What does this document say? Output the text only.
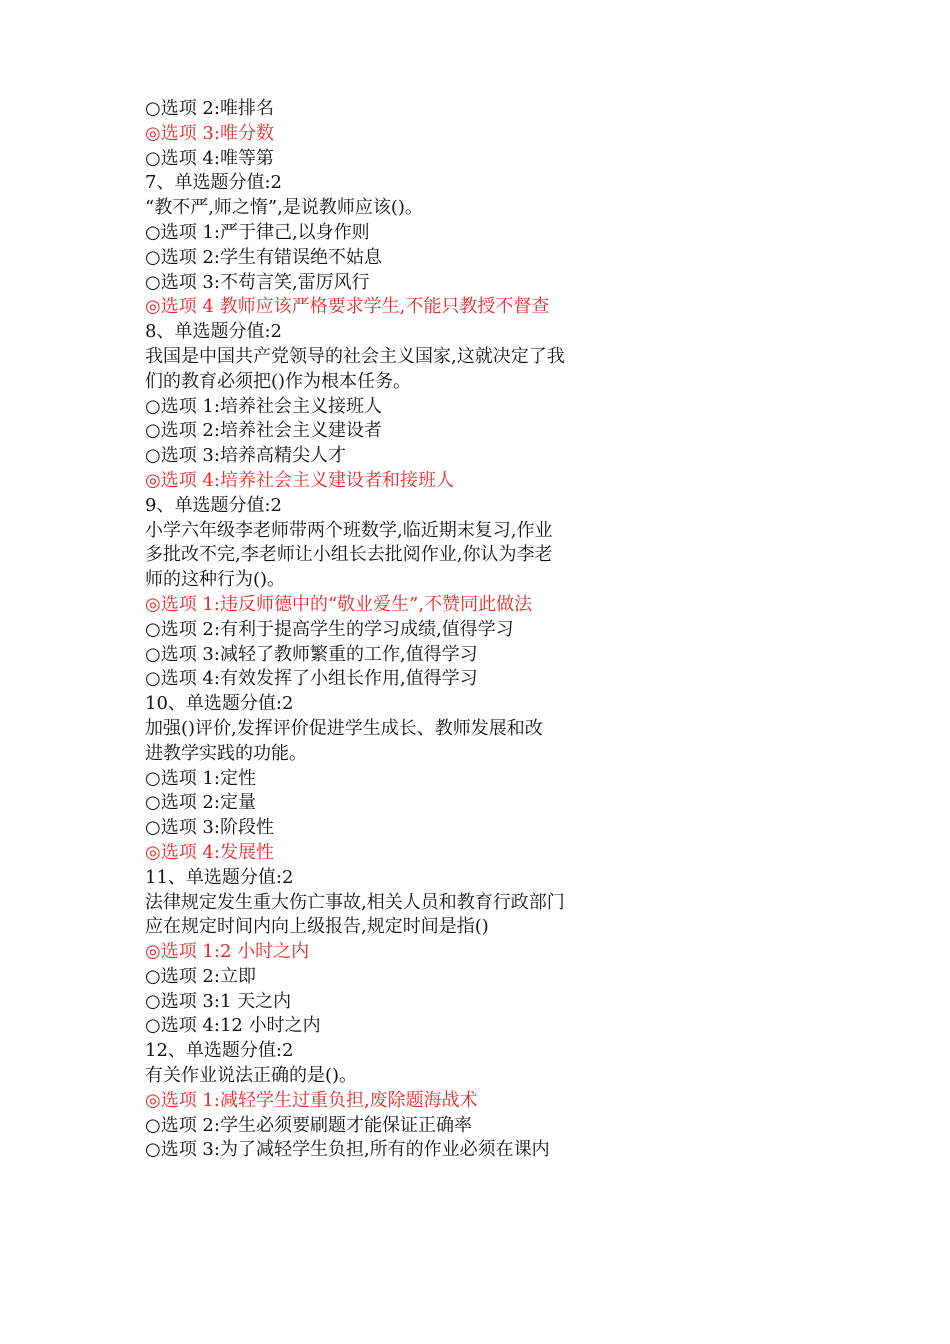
○选项 2:唯排名
◎选项 3:唯分数
○选项 4:唯等第
7、单选题分值:2
“教不严,师之惰”,是说教师应该()。
○选项 1:严于律己,以身作则
○选项 2:学生有错误绝不姑息
○选项 3:不苟言笑,雷厉风行
◎选项 4 教师应该严格要求学生,不能只教授不督查
8、单选题分值:2
我国是中国共产党领导的社会主义国家,这就决定了我
们的教育必须把()作为根本任务。
○选项 1:培养社会主义接班人
○选项 2:培养社会主义建设者
○选项 3:培养高精尖人才
◎选项 4:培养社会主义建设者和接班人
9、单选题分值:2
小学六年级李老师带两个班数学,临近期末复习,作业
多批改不完,李老师让小组长去批阅作业,你认为李老
师的这种行为()。
◎选项 1:违反师德中的“敬业爱生”,不赞同此做法
○选项 2:有利于提高学生的学习成绩,值得学习
○选项 3:减轻了教师繁重的工作,值得学习
○选项 4:有效发挥了小组长作用,值得学习
10、单选题分值:2
加强()评价,发挥评价促进学生成长、教师发展和改
进教学实践的功能。
○选项 1:定性
○选项 2:定量
○选项 3:阶段性
◎选项 4:发展性
11、单选题分值:2
法律规定发生重大伤亡事故,相关人员和教育行政部门
应在规定时间内向上级报告,规定时间是指()
◎选项 1:2 小时之内
○选项 2:立即
○选项 3:1 天之内
○选项 4:12 小时之内
12、单选题分值:2
有关作业说法正确的是()。
◎选项 1:减轻学生过重负担,废除题海战术
○选项 2:学生必须要刷题才能保证正确率
○选项 3:为了减轻学生负担,所有的作业必须在课内
